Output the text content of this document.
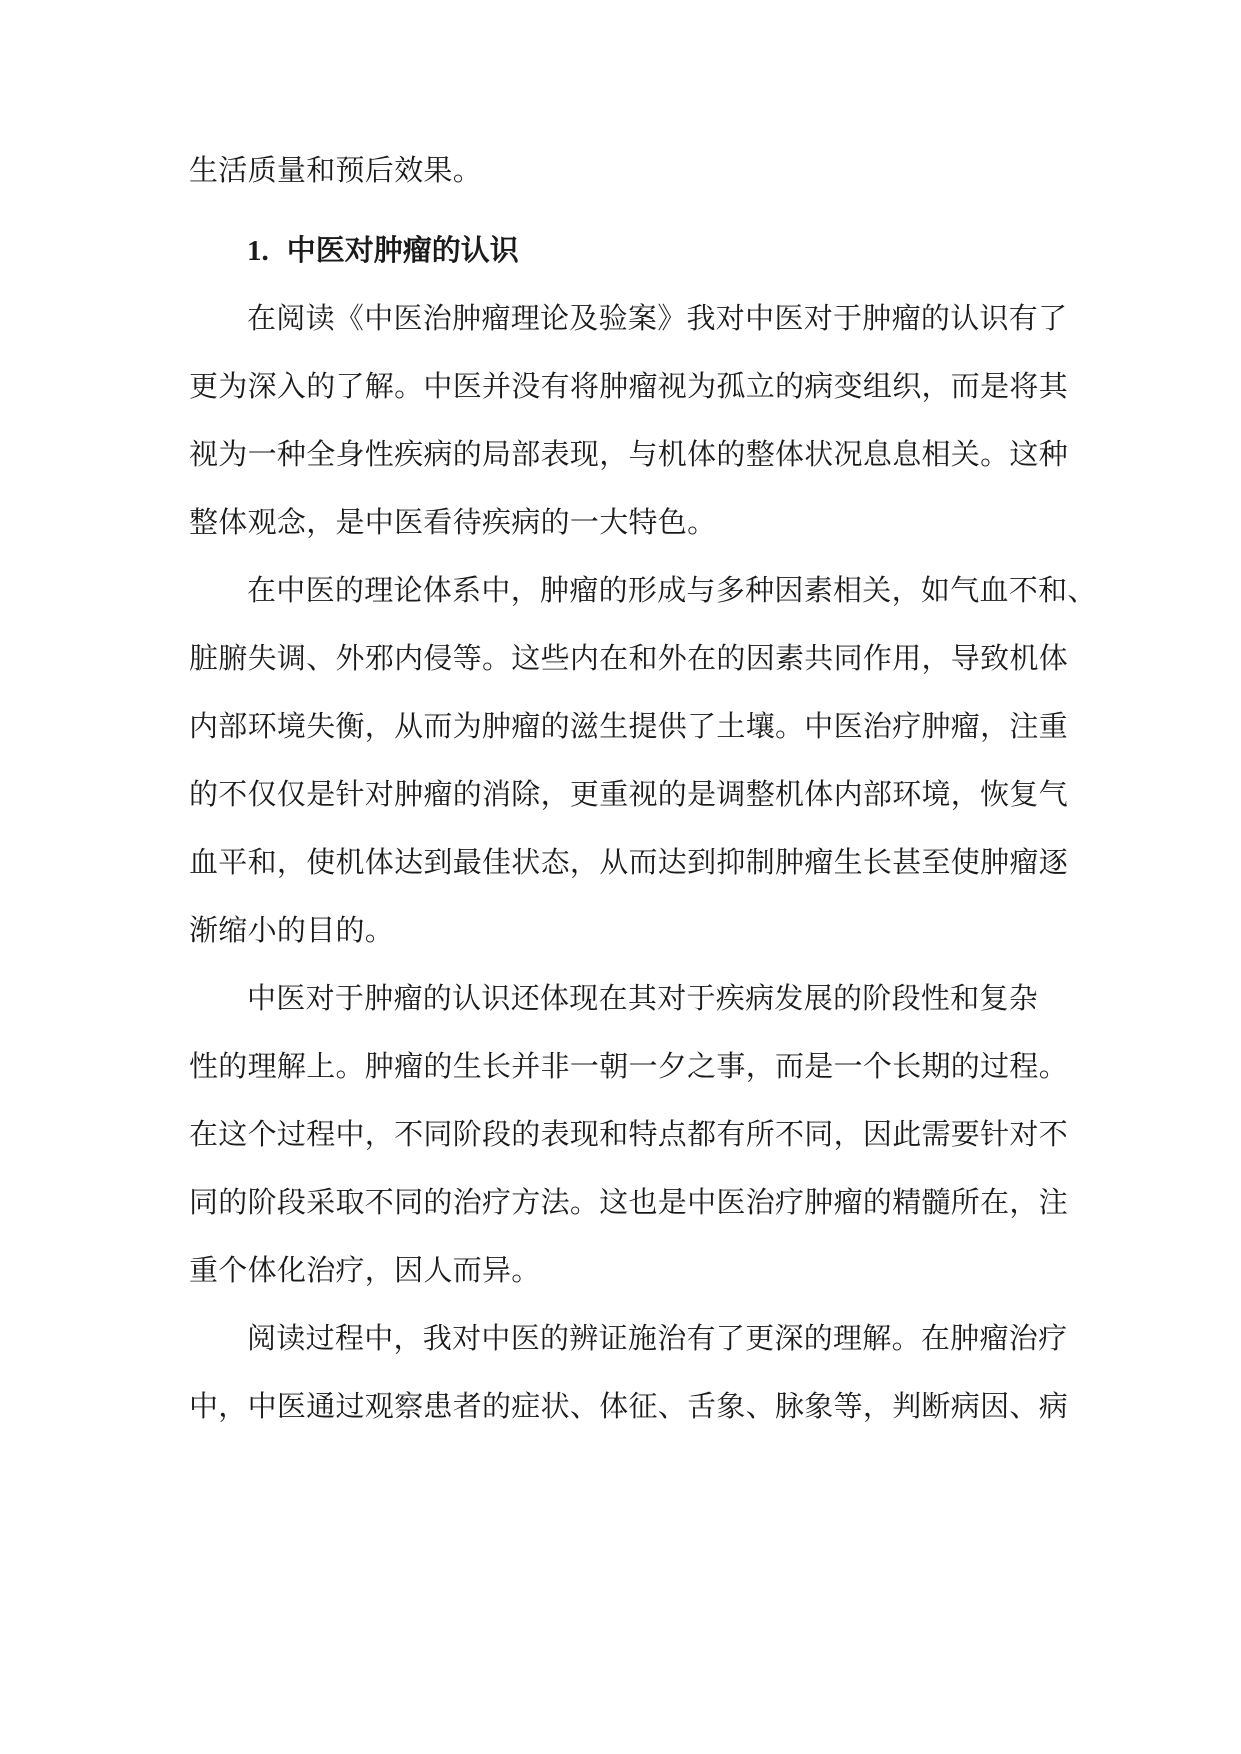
生活质量和预后效果。
1. 中医对肿瘤的认识
在阅读《中医治肿瘤理论及验案》我对中医对于肿瘤的认识有了
更为深入的了解。中医并没有将肿瘤视为孤立的病变组织，而是将其
视为一种全身性疾病的局部表现，与机体的整体状况息息相关。这种
整体观念，是中医看待疾病的一大特色。
在中医的理论体系中，肿瘤的形成与多种因素相关，如气血不和、
脏腑失调、外邪内侵等。这些内在和外在的因素共同作用，导致机体
内部环境失衡，从而为肿瘤的滋生提供了土壤。中医治疗肿瘤，注重
的不仅仅是针对肿瘤的消除，更重视的是调整机体内部环境，恢复气
血平和，使机体达到最佳状态，从而达到抑制肿瘤生长甚至使肿瘤逐
渐缩小的目的。
中医对于肿瘤的认识还体现在其对于疾病发展的阶段性和复杂
性的理解上。肿瘤的生长并非一朝一夕之事，而是一个长期的过程。
在这个过程中，不同阶段的表现和特点都有所不同，因此需要针对不
同的阶段采取不同的治疗方法。这也是中医治疗肿瘤的精髓所在，注
重个体化治疗，因人而异。
阅读过程中，我对中医的辨证施治有了更深的理解。在肿瘤治疗
中，中医通过观察患者的症状、体征、舌象、脉象等，判断病因、病
